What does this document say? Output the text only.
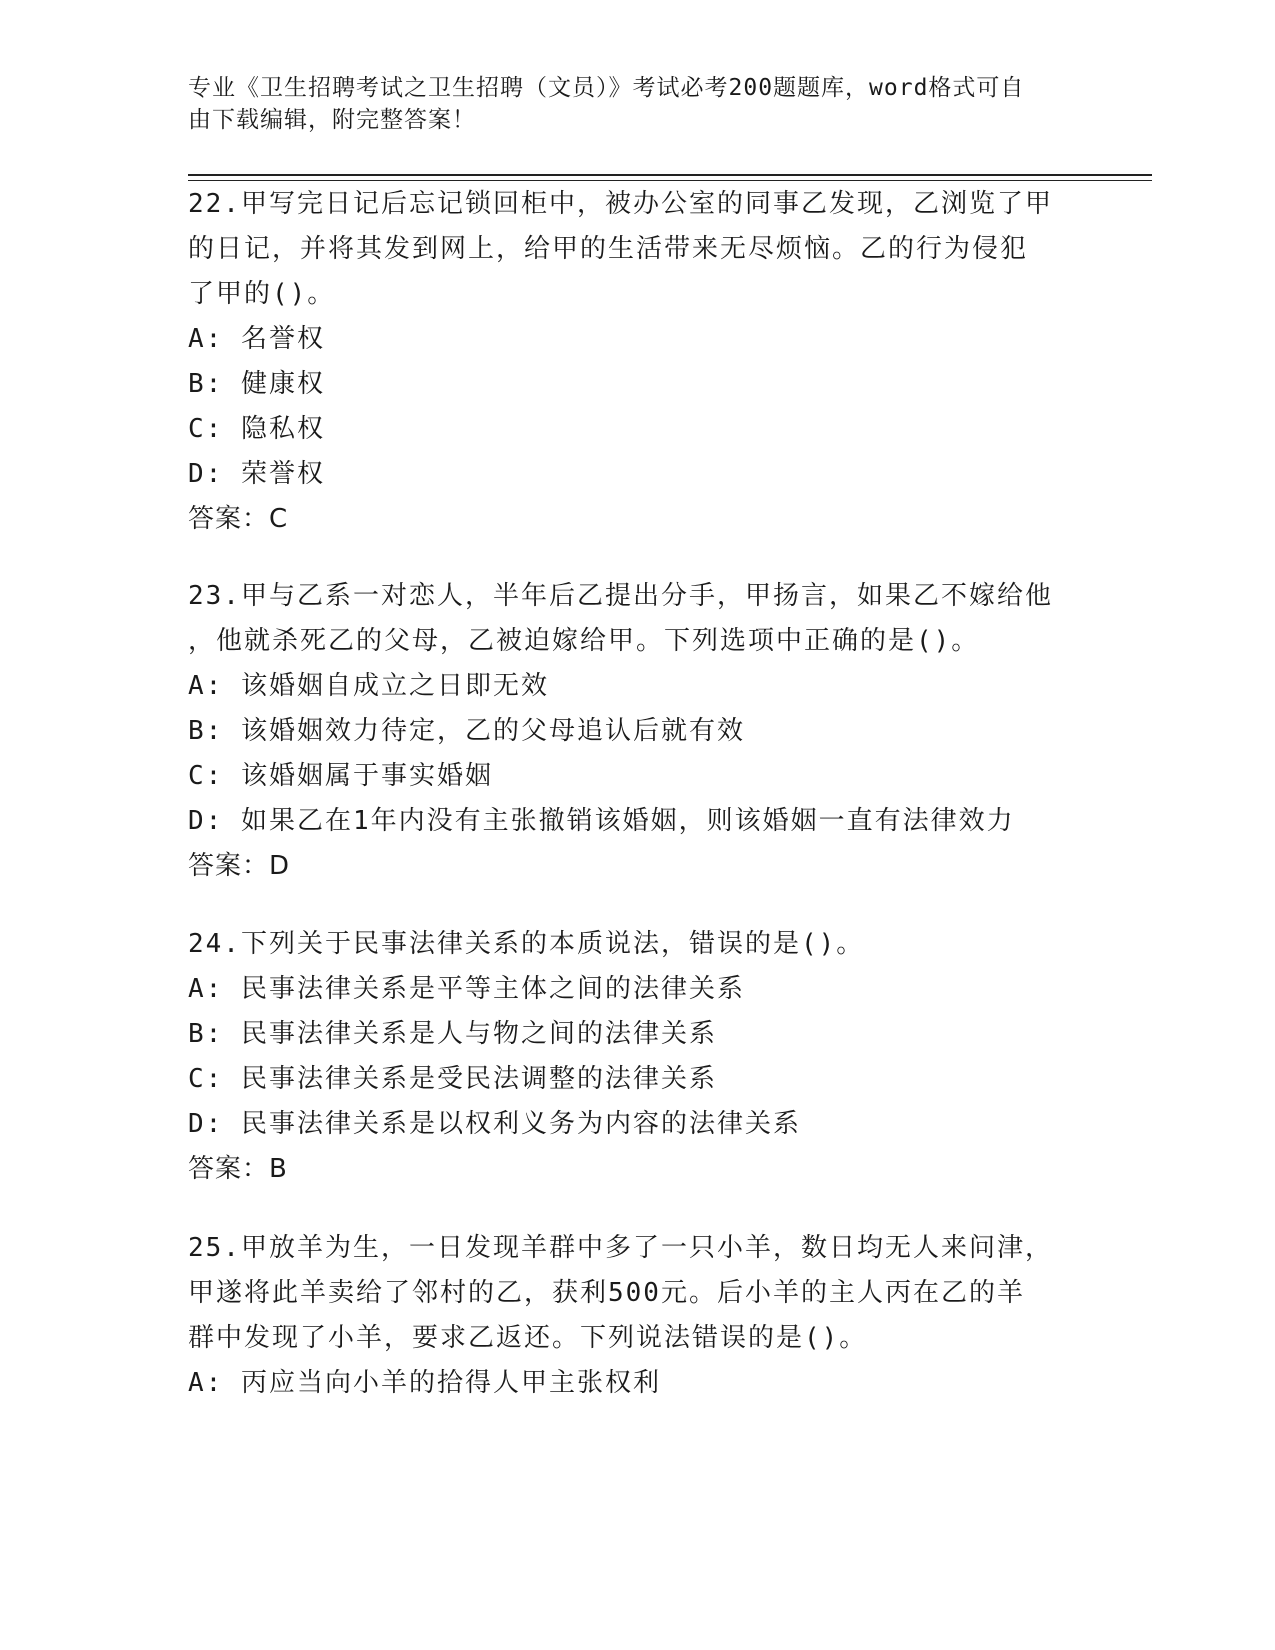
专业《卫生招聘考试之卫生招聘（文员）》考试必考200题题库，word格式可自
由下载编辑，附完整答案！

22.甲写完日记后忘记锁回柜中，被办公室的同事乙发现，乙浏览了甲

的日记，并将其发到网上，给甲的生活带来无尽烦恼。乙的行为侵犯

了甲的()。

A: 名誉权

B: 健康权

C: 隐私权

D: 荣誉权

答案：C

23.甲与乙系一对恋人，半年后乙提出分手，甲扬言，如果乙不嫁给他

，他就杀死乙的父母，乙被迫嫁给甲。下列选项中正确的是()。

A: 该婚姻自成立之日即无效

B: 该婚姻效力待定，乙的父母追认后就有效

C: 该婚姻属于事实婚姻

D: 如果乙在1年内没有主张撤销该婚姻，则该婚姻一直有法律效力

答案：D

24.下列关于民事法律关系的本质说法，错误的是()。

A: 民事法律关系是平等主体之间的法律关系

B: 民事法律关系是人与物之间的法律关系

C: 民事法律关系是受民法调整的法律关系

D: 民事法律关系是以权利义务为内容的法律关系

答案：B

25.甲放羊为生，一日发现羊群中多了一只小羊，数日均无人来问津，

甲遂将此羊卖给了邻村的乙，获利500元。后小羊的主人丙在乙的羊

群中发现了小羊，要求乙返还。下列说法错误的是()。

A: 丙应当向小羊的拾得人甲主张权利
